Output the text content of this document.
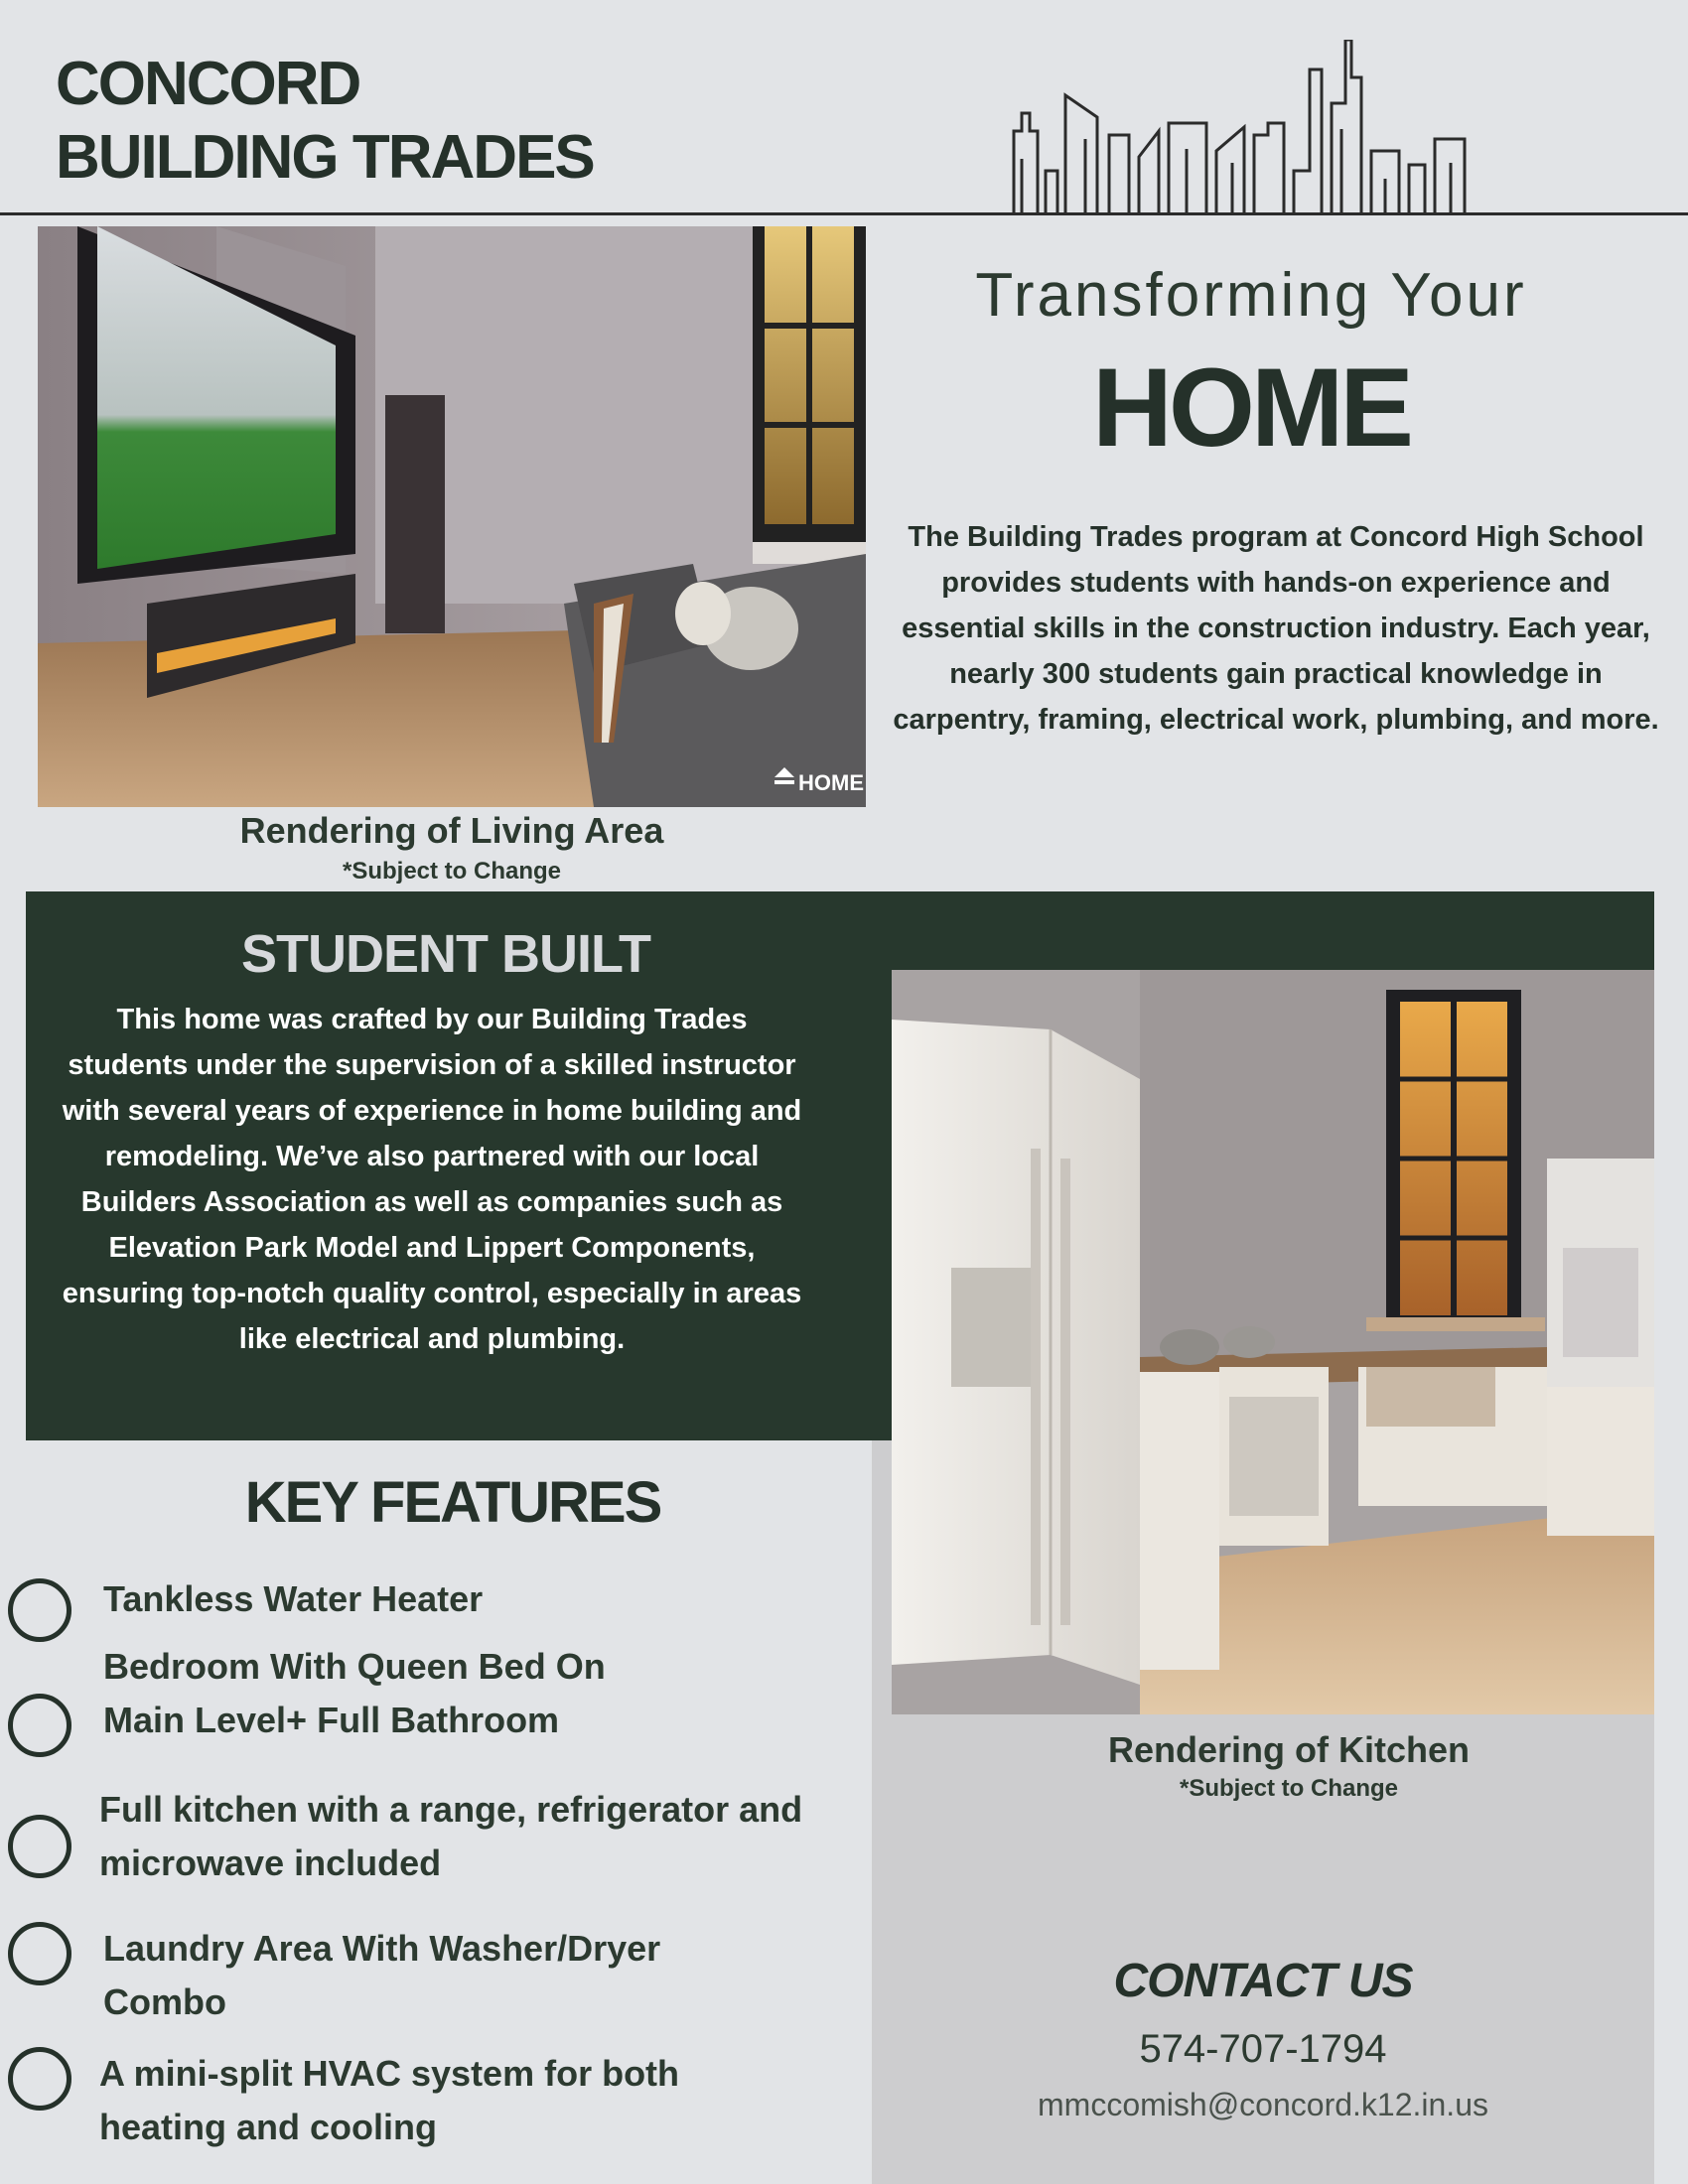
CONCORD
BUILDING TRADES
HOME
Rendering of Living Area
*Subject to Change
Transforming Your
HOME
The Building Trades program at Concord High School provides students with hands-on experience and essential skills in the construction industry. Each year, nearly 300 students gain practical knowledge in carpentry, framing, electrical work, plumbing, and more.
STUDENT BUILT
This home was crafted by our Building Trades students under the supervision of a skilled instructor with several years of experience in home building and remodeling. We’ve also partnered with our local Builders Association as well as companies such as Elevation Park Model and Lippert Components, ensuring top-notch quality control, especially in areas like electrical and plumbing.
Rendering of Kitchen
*Subject to Change
CONTACT US
574-707-1794
mmccomish@concord.k12.in.us
KEY FEATURES
Tankless Water Heater
Bedroom With Queen Bed On
Main Level+ Full Bathroom
Full kitchen with a range, refrigerator and
microwave included
Laundry Area With Washer/Dryer
Combo
A mini-split HVAC system for both
heating and cooling
